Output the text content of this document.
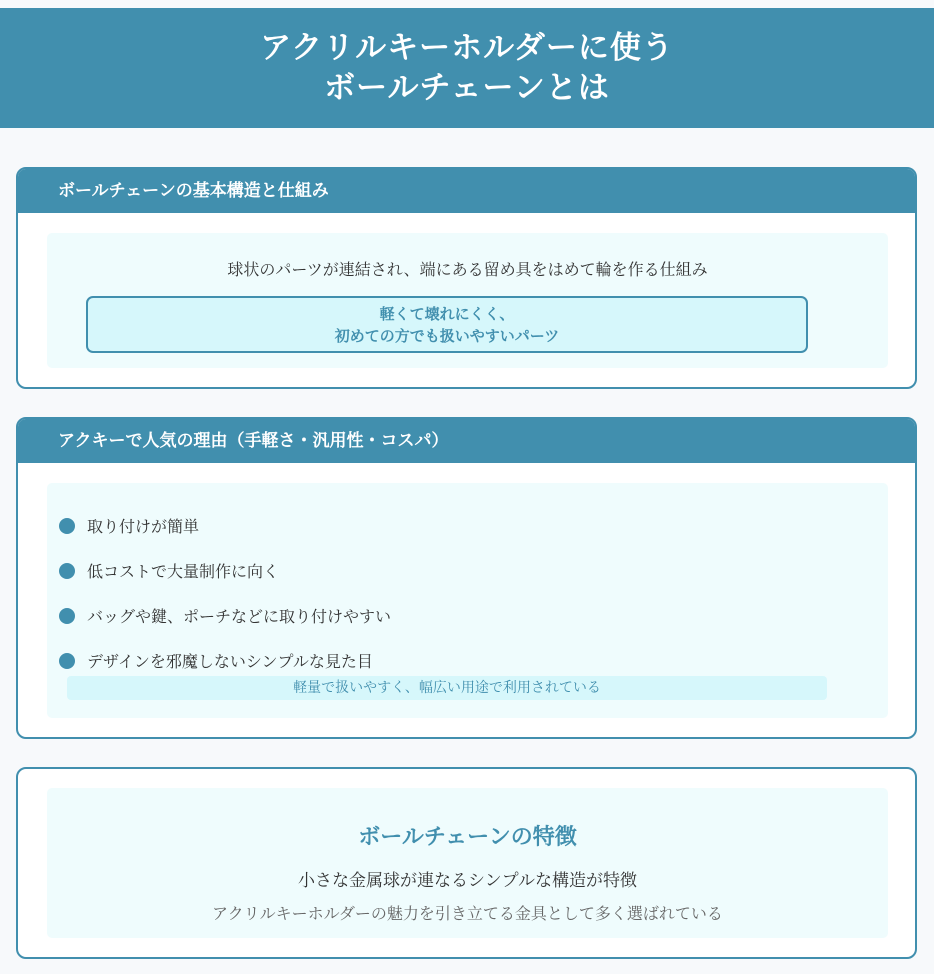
アクリルキーホルダーに使う
ボールチェーンとは
ボールチェーンの基本構造と仕組み
球状のパーツが連結され、端にある留め具をはめて輪を作る仕組み
軽くて壊れにくく、
初めての方でも扱いやすいパーツ
アクキーで人気の理由（手軽さ・汎用性・コスパ）
取り付けが簡単
低コストで大量制作に向く
バッグや鍵、ポーチなどに取り付けやすい
デザインを邪魔しないシンプルな見た目
軽量で扱いやすく、幅広い用途で利用されている
ボールチェーンの特徴
小さな金属球が連なるシンプルな構造が特徴
アクリルキーホルダーの魅力を引き立てる金具として多く選ばれている
